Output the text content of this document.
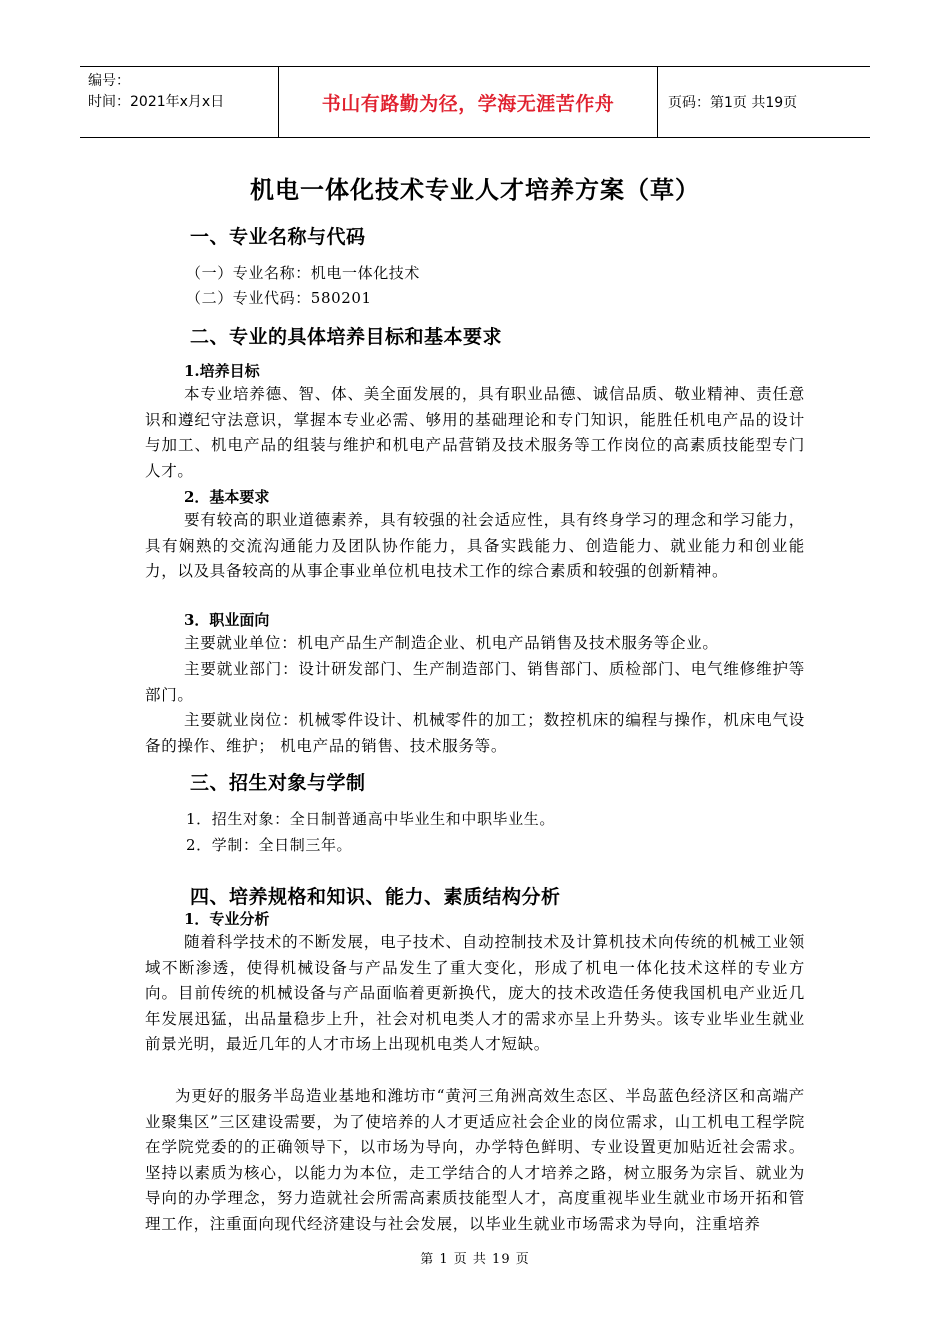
编号：
时间：2021年x月x日	书山有路勤为径，学海无涯苦作舟	页码：第1页 共19页
机电一体化技术专业人才培养方案（草）
一、专业名称与代码
（一）专业名称：机电一体化技术
（二）专业代码：580201
二、专业的具体培养目标和基本要求
1.培养目标

本专业培养德、智、体、美全面发展的，具有职业品德、诚信品质、敬业精神、责任意识和遵纪守法意识，掌握本专业必需、够用的基础理论和专门知识，能胜任机电产品的设计与加工、机电产品的组装与维护和机电产品营销及技术服务等工作岗位的高素质技能型专门人才。

2．基本要求

要有较高的职业道德素养，具有较强的社会适应性，具有终身学习的理念和学习能力，具有娴熟的交流沟通能力及团队协作能力，具备实践能力、创造能力、就业能力和创业能力，以及具备较高的从事企事业单位机电技术工作的综合素质和较强的创新精神。

3．职业面向

主要就业单位：机电产品生产制造企业、机电产品销售及技术服务等企业。

主要就业部门：设计研发部门、生产制造部门、销售部门、质检部门、电气维修维护等部门。

主要就业岗位：机械零件设计、机械零件的加工；数控机床的编程与操作，机床电气设备的操作、维护； 机电产品的销售、技术服务等。

三、招生对象与学制
1．招生对象：全日制普通高中毕业生和中职毕业生。
2．学制：全日制三年。
四、培养规格和知识、能力、素质结构分析
1．专业分析

随着科学技术的不断发展，电子技术、自动控制技术及计算机技术向传统的机械工业领域不断渗透，使得机械设备与产品发生了重大变化，形成了机电一体化技术这样的专业方向。目前传统的机械设备与产品面临着更新换代，庞大的技术改造任务使我国机电产业近几年发展迅猛，出品量稳步上升，社会对机电类人才的需求亦呈上升势头。该专业毕业生就业前景光明，最近几年的人才市场上出现机电类人才短缺。

为更好的服务半岛造业基地和潍坊市“黄河三角洲高效生态区、半岛蓝色经济区和高端产业聚集区”三区建设需要，为了使培养的人才更适应社会企业的岗位需求，山工机电工程学院在学院党委的的正确领导下，以市场为导向，办学特色鲜明、专业设置更加贴近社会需求。坚持以素质为核心，以能力为本位，走工学结合的人才培养之路，树立服务为宗旨、就业为导向的办学理念，努力造就社会所需高素质技能型人才，高度重视毕业生就业市场开拓和管理工作，注重面向现代经济建设与社会发展，以毕业生就业市场需求为导向，注重培养

第 1 页 共 19 页
